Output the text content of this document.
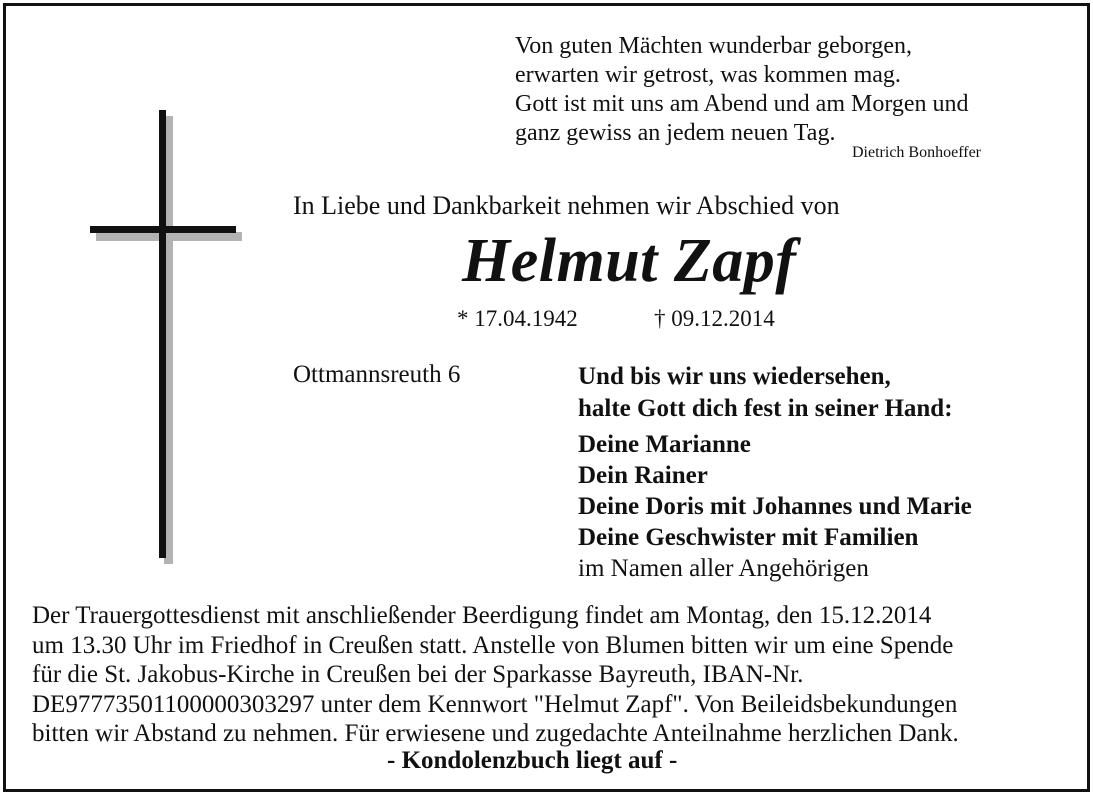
Von guten Mächten wunderbar geborgen,
erwarten wir getrost, was kommen mag.
Gott ist mit uns am Abend und am Morgen und
ganz gewiss an jedem neuen Tag.
Dietrich Bonhoeffer
In Liebe und Dankbarkeit nehmen wir Abschied von
Helmut Zapf
* 17.04.1942	† 09.12.2014
Ottmannsreuth 6	Und bis wir uns wiedersehen,
halte Gott dich fest in seiner Hand:
Deine Marianne
Dein Rainer
Deine Doris mit Johannes und Marie
Deine Geschwister mit Familien
im Namen aller Angehörigen
Der Trauergottesdienst mit anschließender Beerdigung findet am Montag, den 15.12.2014
um 13.30 Uhr im Friedhof in Creußen statt. Anstelle von Blumen bitten wir um eine Spende
für die St. Jakobus-Kirche in Creußen bei der Sparkasse Bayreuth, IBAN-Nr.
DE97773501100000303297 unter dem Kennwort "Helmut Zapf". Von Beileidsbekundungen
bitten wir Abstand zu nehmen. Für erwiesene und zugedachte Anteilnahme herzlichen Dank.
- Kondolenzbuch liegt auf -
